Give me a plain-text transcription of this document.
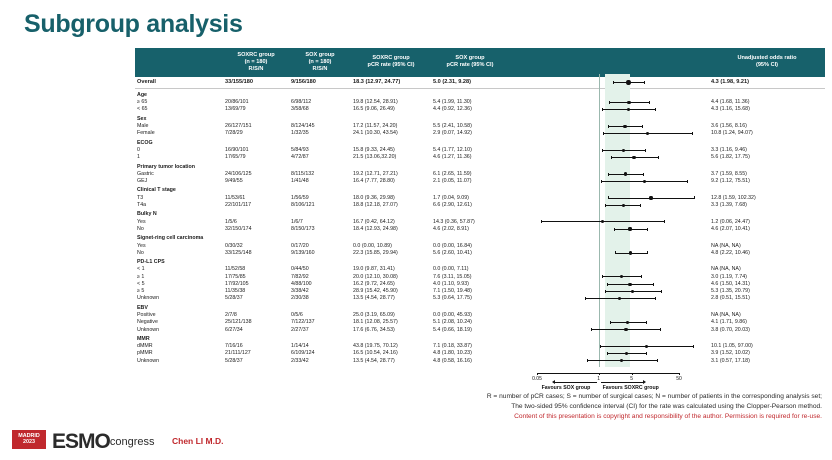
Subgroup analysis

SOXRC group
(n = 180)
R/S/N

SOX group
(n = 180)
R/S/N

SOXRC group
pCR rate (95% CI)

SOX group
pCR rate (95% CI)

Unadjusted odds ratio
(95% CI)

Overall	33/155/180	9/156/180	18.3 (12.97, 24.77)	5.0 (2.31, 9.28)		4.3 (1.98, 9.21)

Age						
≥ 65	20/86/101	6/98/112	19.8 (12.54, 28.91)	5.4 (1.99, 11.30)		4.4 (1.68, 11.36)
< 65	13/69/79	3/58/68	16.5 (9.06, 26.49)	4.4 (0.92, 12.36)		4.3 (1.16, 15.68)
Sex						
Male	26/127/151	8/124/145	17.2 (11.57, 24.20)	5.5 (2.41, 10.58)		3.6 (1.56, 8.16)
Female	7/28/29	1/32/35	24.1 (10.30, 43.54)	2.9 (0.07, 14.92)		10.8 (1.24, 94.07)
ECOG						
0	16/90/101	5/84/93	15.8 (9.33, 24.45)	5.4 (1.77, 12.10)		3.3 (1.16, 9.46)
1	17/65/79	4/72/87	21.5 (13.06,32.20)	4.6 (1.27, 11.36)		5.6 (1.82, 17.75)
Primary tumor location						
Gastric	24/106/125	8/115/132	19.2 (12.71, 27.21)	6.1 (2.65, 11.59)		3.7 (1.59, 8.55)
GEJ	9/49/55	1/41/48	16.4 (7.77, 28.80)	2.1 (0.05, 11.07)		9.2 (1.12, 75.51)
Clinical T stage						
T3	11/53/61	1/56/59	18.0 (9.36, 29.98)	1.7 (0.04, 9.09)		12.8 (1.59, 102.32)
T4a	22/101/117	8/106/121	18.8 (12.18, 27.07)	6.6 (2.90, 12.61)		3.3 (1.39, 7.68)
Bulky N						
Yes	1/5/6	1/6/7	16.7 (0.42, 64.12)	14.3 (0.36, 57.87)		1.2 (0.06, 24.47)
No	32/150/174	8/150/173	18.4 (12.93, 24.98)	4.6 (2.02, 8.91)		4.6 (2.07, 10.41)
Signet-ring cell carcinoma						
Yes	0/30/32	0/17/20	0.0 (0.00, 10.89)	0.0 (0.00, 16.84)		NA (NA, NA)
No	33/125/148	9/139/160	22.3 (15.85, 29.94)	5.6 (2.60, 10.41)		4.8 (2.22, 10.46)
PD-L1 CPS						
< 1	11/52/58	0/44/50	19.0 (9.87, 31.41)	0.0 (0.00, 7.11)		NA (NA, NA)
≥ 1	17/75/85	7/82/92	20.0 (12.10, 30.08)	7.6 (3.11, 15.05)		3.0 (1.19, 7.74)
< 5	17/92/105	4/88/100	16.2 (9.72, 24.65)	4.0 (1.10, 9.93)		4.6 (1.50, 14.31)
≥ 5	11/35/38	3/38/42	28.9 (15.42, 45.90)	7.1 (1.50, 19.48)		5.3 (1.35, 20.79)
Unknown	5/28/37	2/30/38	13.5 (4.54, 28.77)	5.3 (0.64, 17.75)		2.8 (0.51, 15.51)
EBV						
Positive	2/7/8	0/5/6	25.0 (3.19, 65.09)	0.0 (0.00, 45.93)		NA (NA, NA)
Negative	25/121/138	7/122/137	18.1 (12.08, 25.57)	5.1 (2.08, 10.24)		4.1 (1.71, 9.86)
Unknown	6/27/34	2/27/37	17.6 (6.76, 34.53)	5.4 (0.66, 18.19)		3.8 (0.70, 20.03)
MMR						
dMMR	7/16/16	1/14/14	43.8 (19.75, 70.12)	7.1 (0.18, 33.87)		10.1 (1.05, 97.00)
pMMR	21/111/127	6/109/124	16.5 (10.54, 24.16)	4.8 (1.80, 10.23)		3.9 (1.52, 10.02)
Unknown	5/28/37	2/33/42	13.5 (4.54, 28.77)	4.8 (0.58, 16.16)		3.1 (0.57, 17.18)
0.05	1	5	50
Favours SOX group Favours SOXRC group
R = number of pCR cases; S = number of surgical cases; N = number of patients in the corresponding analysis set;
The two-sided 95% confidence interval (CI) for the rate was calculated using the Clopper-Pearson method.
Content of this presentation is copyright and responsibility of the author. Permission is required for re-use.
MADRID
2023 ESMOcongress Chen LI M.D.
